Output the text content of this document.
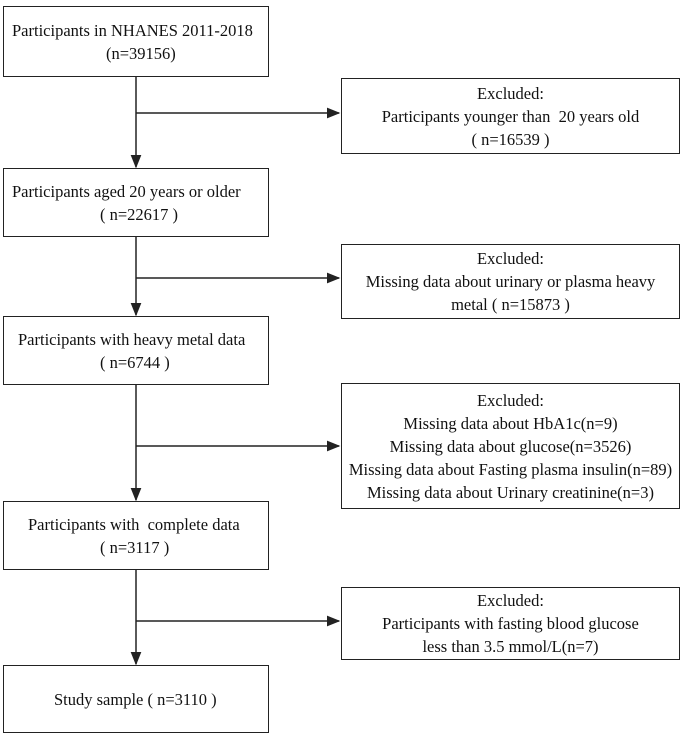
Participants in NHANES 2011-2018
(n=39156)
Participants aged 20 years or older
( n=22617 )
Participants with heavy metal data
( n=6744 )
Participants with  complete data
( n=3117 )
Study sample ( n=3110 )
Excluded:
Participants younger than  20 years old
( n=16539 )
Excluded:
Missing data about urinary or plasma heavy
metal ( n=15873 )
Excluded:
Missing data about HbA1c(n=9)
Missing data about glucose(n=3526)
Missing data about Fasting plasma insulin(n=89)
Missing data about Urinary creatinine(n=3)
Excluded:
Participants with fasting blood glucose
less than 3.5 mmol/L(n=7)
